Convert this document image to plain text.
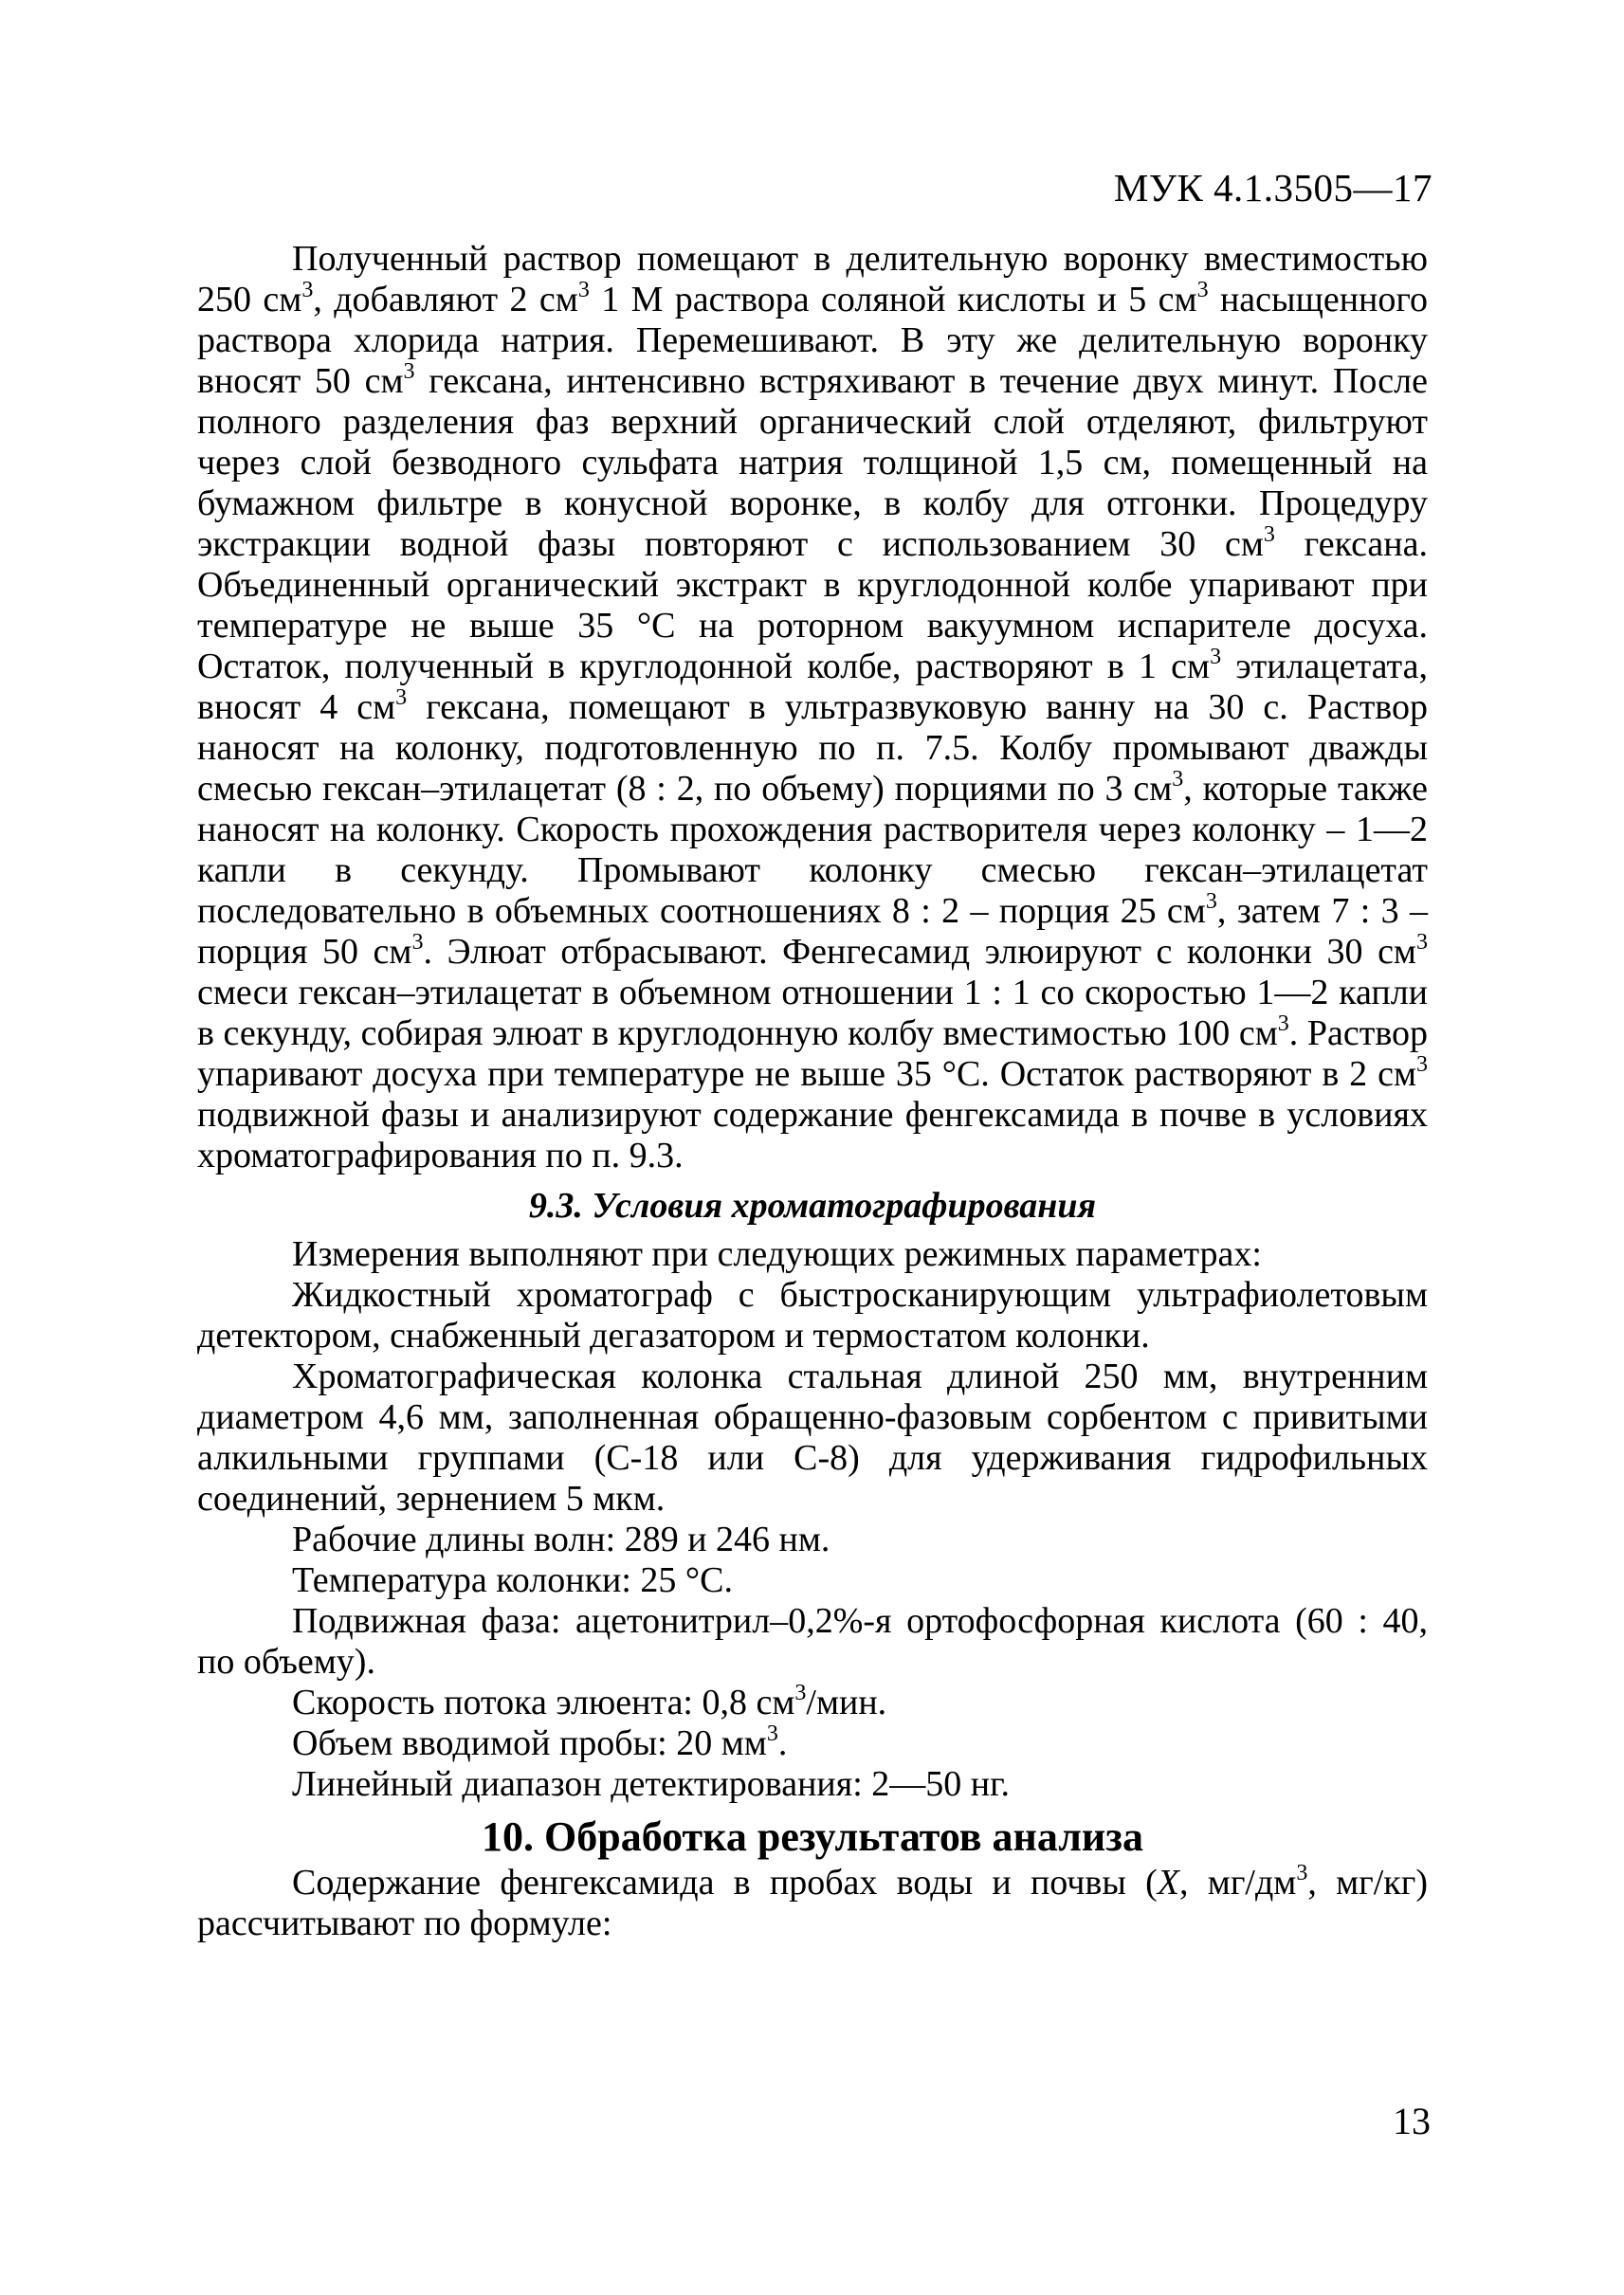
МУК 4.1.3505—17

Полученный раствор помещают в делительную воронку вместимостью 250 $см^3$, добавляют 2 $см^3$ 1 М раствора соляной кислоты и 5 $см^3$ насыщенного раствора хлорида натрия. Перемешивают. В эту же делительную воронку вносят 50 $см^3$ гексана, интенсивно встряхивают в течение двух минут. После полного разделения фаз верхний органический слой отделяют, фильтруют через слой безводного сульфата натрия толщиной 1,5 см, помещенный на бумажном фильтре в конусной воронке, в колбу для отгонки. Процедуру экстракции водной фазы повторяют с использованием 30 $см^3$ гексана. Объединенный органический экстракт в круглодонной колбе упаривают при температуре не выше 35 °С на роторном вакуумном испарителе досуха. Остаток, полученный в круглодонной колбе, растворяют в 1 $см^3$ этилацетата, вносят 4 $см^3$ гексана, помещают в ультразвуковую ванну на 30 с. Раствор наносят на колонку, подготовленную по п. 7.5. Колбу промывают дважды смесью гексан–этилацетат (8 : 2, по объему) порциями по 3 $см^3$, которые также наносят на колонку. Скорость прохождения растворителя через колонку – 1—2 капли в секунду. Промывают колонку смесью гексан–этилацетат последовательно в объемных соотношениях 8 : 2 – порция 25 $см^3$, затем 7 : 3 – порция 50 $см^3$. Элюат отбрасывают. Фенгесамид элюируют с колонки 30 $см^3$ смеси гексан–этилацетат в объемном отношении 1 : 1 со скоростью 1—2 капли в секунду, собирая элюат в круглодонную колбу вместимостью 100 $см^3$. Раствор упаривают досуха при температуре не выше 35 °С. Остаток растворяют в 2 $см^3$ подвижной фазы и анализируют содержание фенгексамида в почве в условиях хроматографирования по п. 9.3.

9.3. Условия хроматографирования

Измерения выполняют при следующих режимных параметрах:

Жидкостный хроматограф с быстросканирующим ультрафиолетовым детектором, снабженный дегазатором и термостатом колонки.

Хроматографическая колонка стальная длиной 250 мм, внутренним диаметром 4,6 мм, заполненная обращенно-фазовым сорбентом с привитыми алкильными группами (С-18 или С-8) для удерживания гидрофильных соединений, зернением 5 мкм.

Рабочие длины волн: 289 и 246 нм.

Температура колонки: 25 °С.

Подвижная фаза: ацетонитрил–0,2%-я ортофосфорная кислота (60 : 40, по объему).

Скорость потока элюента: 0,8 $см^3$/мин.

Объем вводимой пробы: 20 $мм^3$.

Линейный диапазон детектирования: 2—50 нг.

10. Обработка результатов анализа

Содержание фенгексамида в пробах воды и почвы (X, $мг/дм^3$, мг/кг) рассчитывают по формуле:

13
